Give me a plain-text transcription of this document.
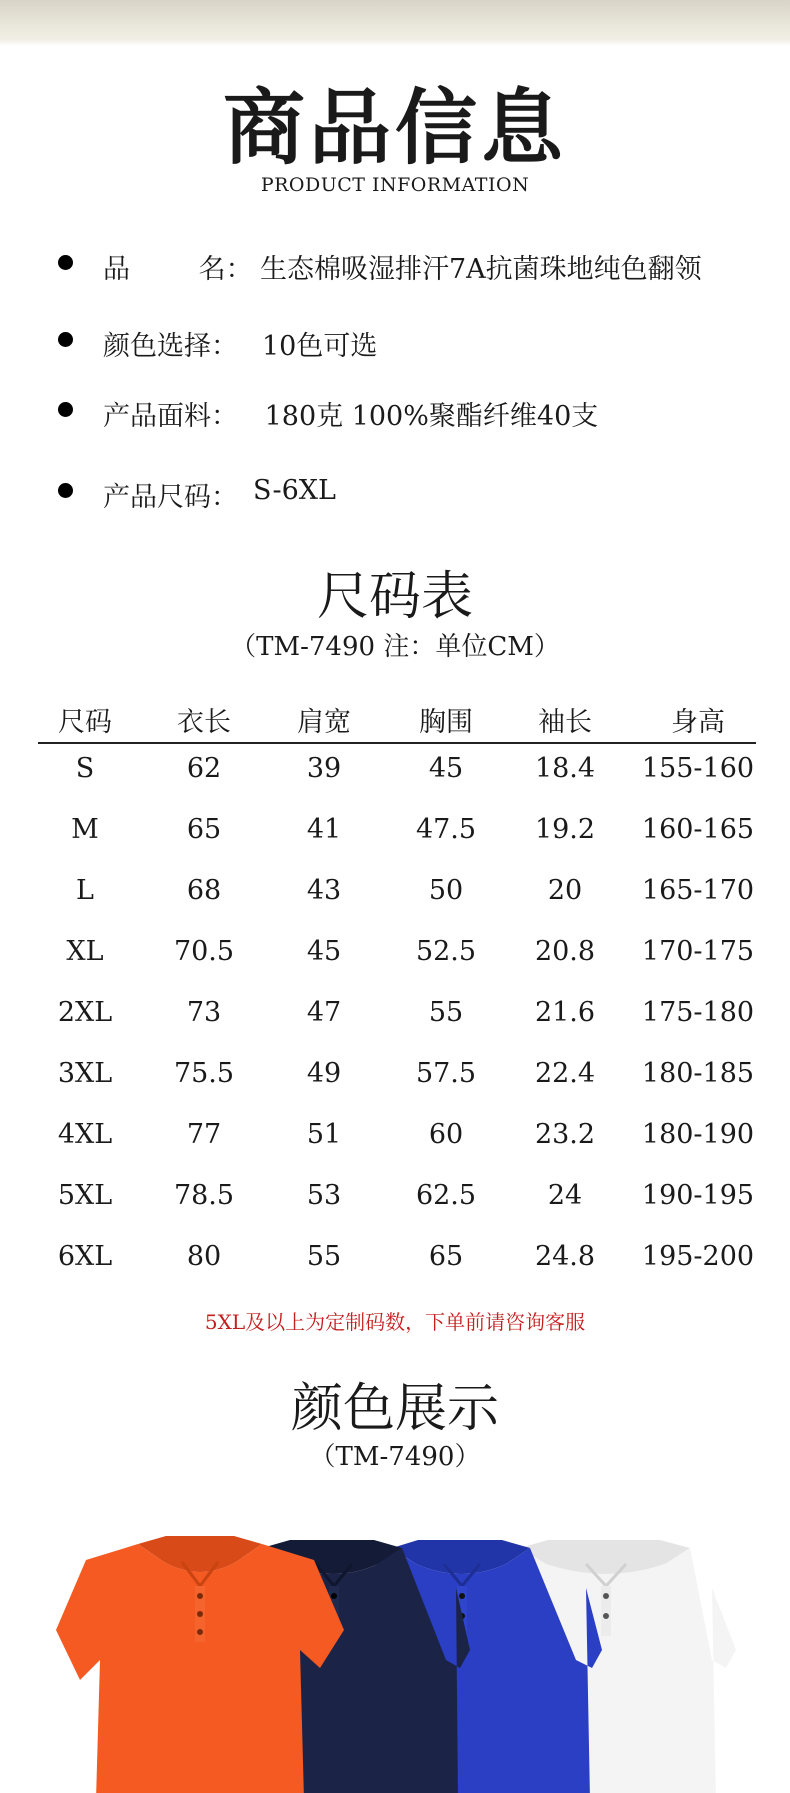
商品信息
PRODUCT INFORMATION
品        名： 生态棉吸湿排汗7A抗菌珠地纯色翻领
颜色选择： 10色可选
产品面料： 180克 100%聚酯纤维40支
产品尺码： S-6XL
尺码表
（TM-7490 注：单位CM）
尺码	衣长	肩宽	胸围	袖长	身高
S	62	39	45	18.4	155-160
M	65	41	47.5	19.2	160-165
L	68	43	50	20	165-170
XL	70.5	45	52.5	20.8	170-175
2XL	73	47	55	21.6	175-180
3XL	75.5	49	57.5	22.4	180-185
4XL	77	51	60	23.2	180-190
5XL	78.5	53	62.5	24	190-195
6XL	80	55	65	24.8	195-200
5XL及以上为定制码数，下单前请咨询客服
颜色展示
（TM-7490）
